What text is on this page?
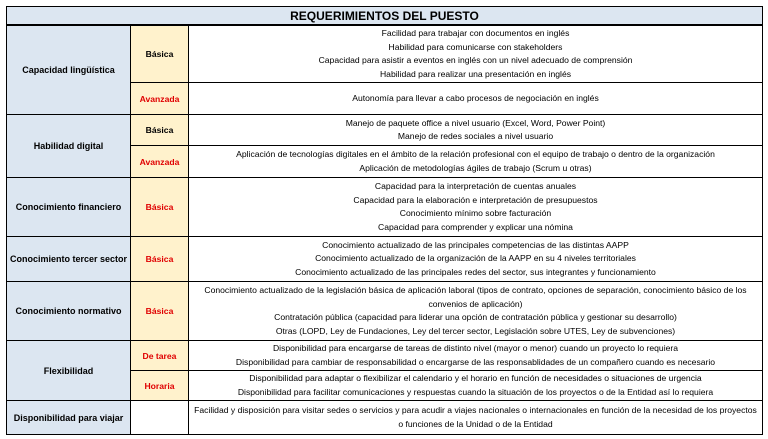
REQUERIMIENTOS DEL PUESTO		
Capacidad lingüística	Básica	Facilidad para trabajar con documentos en inglés
Habilidad para comunicarse con stakeholders
Capacidad para asistir a eventos en inglés con un nivel adecuado de comprensión
Habilidad para realizar una presentación en inglés

	Avanzada	Autonomía para llevar a cabo procesos de negociación en inglés

Habilidad digital	Básica	Manejo de paquete office a nivel usuario (Excel, Word, Power Point)
Manejo de redes sociales a nivel usuario

	Avanzada	Aplicación de tecnologías digitales en el ámbito de la relación profesional con el equipo de trabajo o dentro de la organización
Aplicación de metodologías ágiles de trabajo (Scrum u otras)

Conocimiento financiero	Básica	Capacidad para la interpretación de cuentas anuales
Capacidad para la elaboración e interpretación de presupuestos
Conocimiento mínimo sobre facturación
Capacidad para comprender y explicar una nómina

Conocimiento tercer sector	Básica	Conocimiento actualizado de las principales competencias de las distintas AAPP
Conocimiento actualizado de la organización de la AAPP en su 4 niveles territoriales
Conocimiento actualizado de las principales redes del sector, sus integrantes y funcionamiento

Conocimiento normativo	Básica	Conocimiento actualizado de la legislación básica de aplicación laboral (tipos de contrato, opciones de separación, conocimiento básico de los convenios de aplicación)
Contratación pública (capacidad para liderar una opción de contratación pública y gestionar su desarrollo)
Otras (LOPD, Ley de Fundaciones, Ley del tercer sector, Legislación sobre UTES, Ley de subvenciones)

Flexibilidad	De tarea	Disponibilidad para encargarse de tareas de distinto nivel (mayor o menor) cuando un proyecto lo requiera
Disponibilidad para cambiar de responsabilidad o encargarse de las responsablidades de un compañero cuando es necesario

	Horaria	Disponibilidad para adaptar o flexibilizar el calendario y el horario en función de necesidades o situaciones de urgencia
Disponibilidad para facilitar comunicaciones y respuestas cuando la situación de los proyectos o de la Entidad así lo requiera

Disponibilidad para viajar		Facilidad y disposición para visitar sedes o servicios y para acudir a viajes nacionales o internacionales en función de la necesidad de los proyectos o funciones de la Unidad o de la Entidad
